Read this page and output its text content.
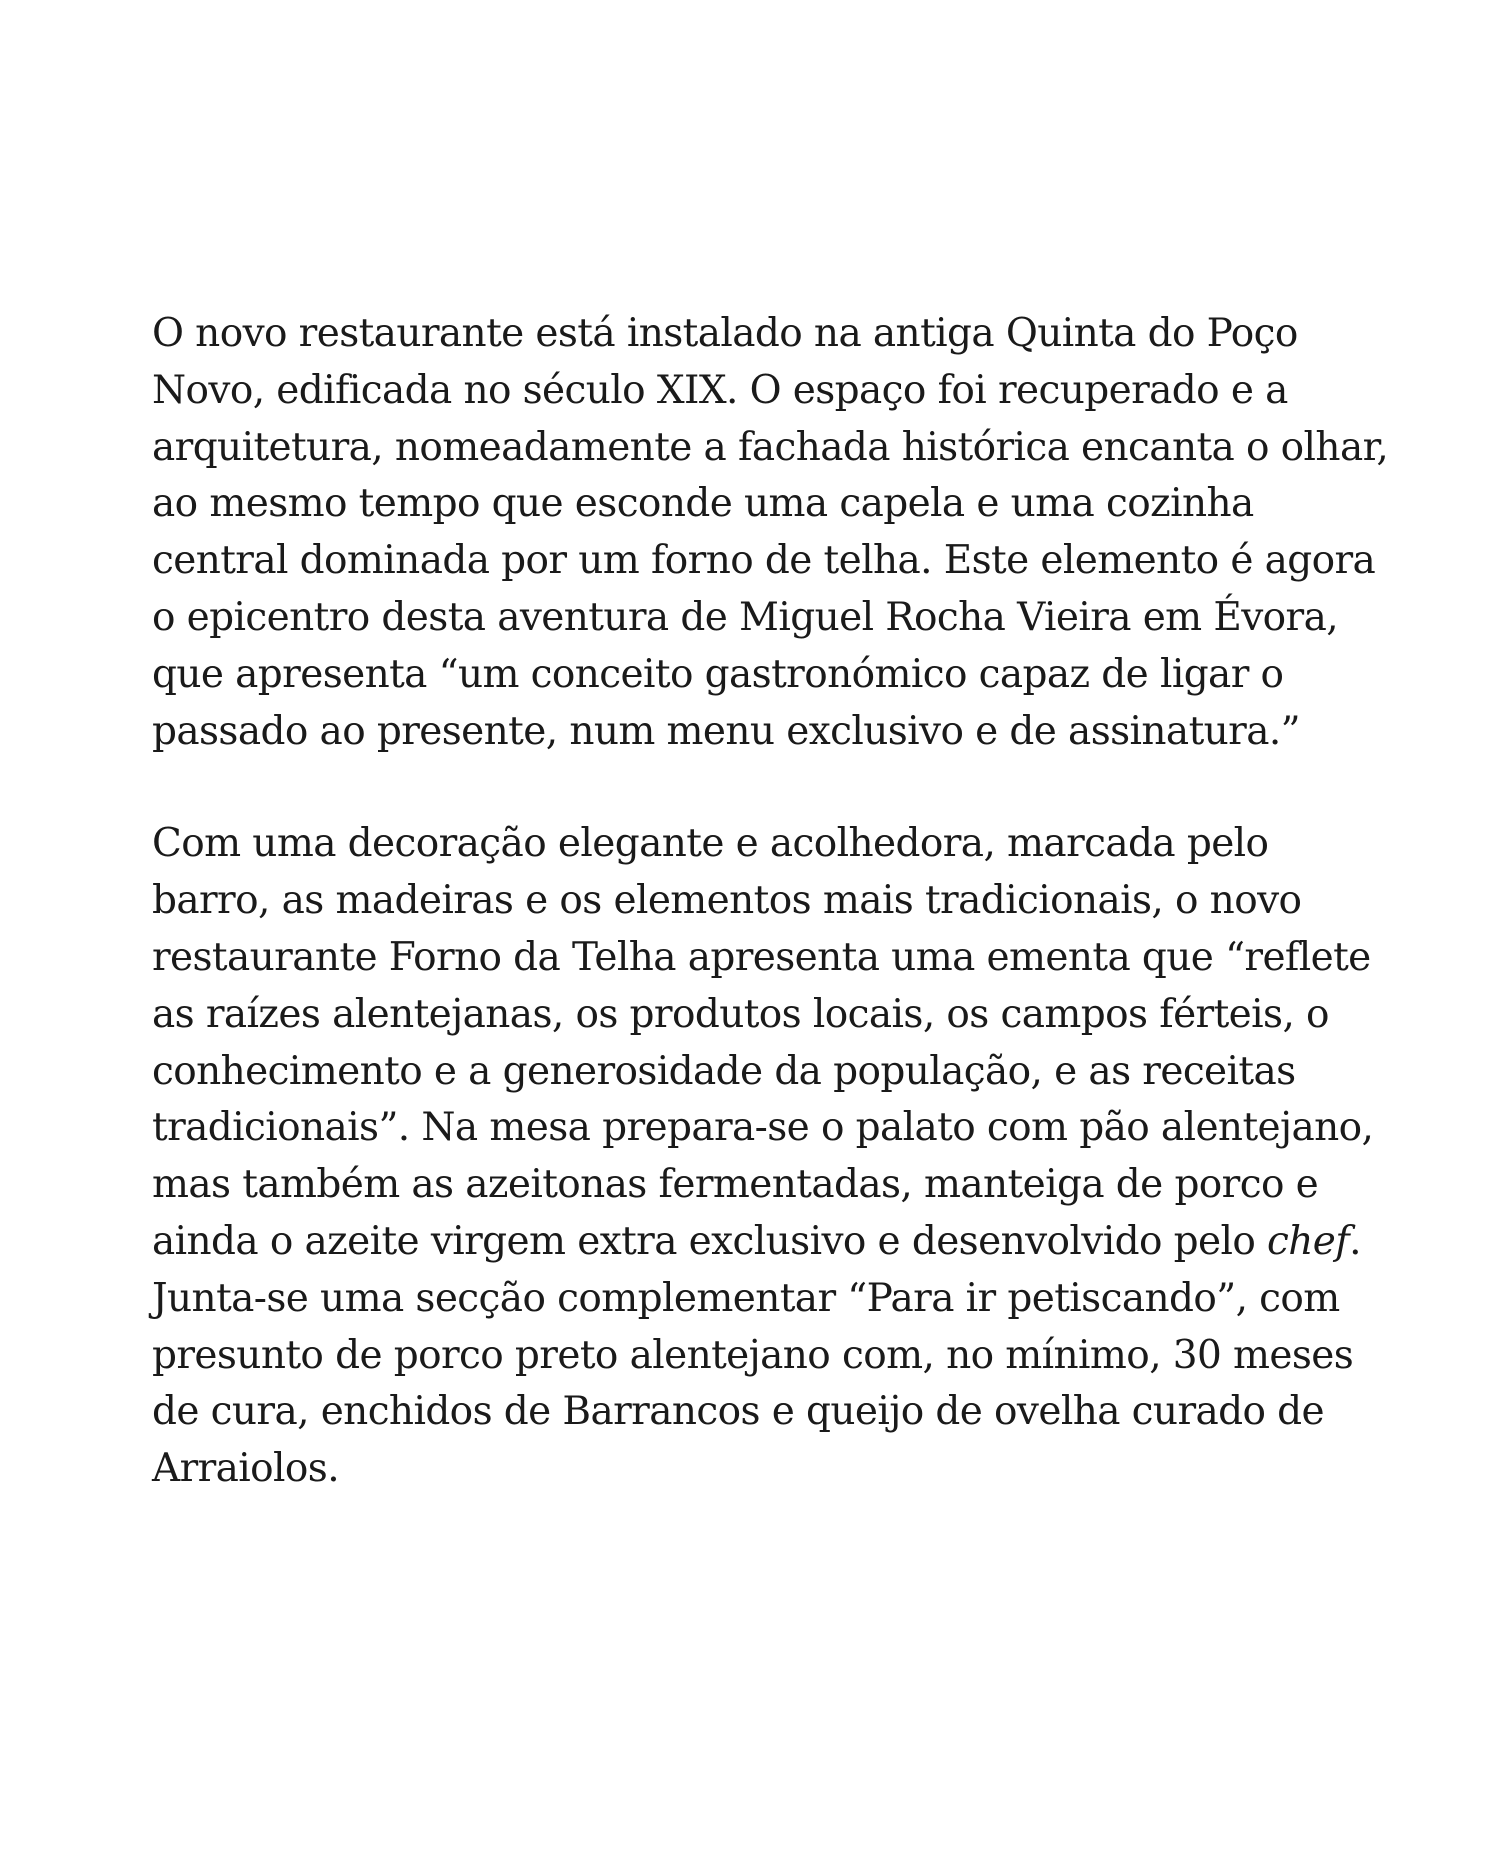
O novo restaurante está instalado na antiga Quinta do Poço Novo, edificada no século XIX. O espaço foi recuperado e a arquitetura, nomeadamente a fachada histórica encanta o olhar, ao mesmo tempo que esconde uma capela e uma cozinha central dominada por um forno de telha. Este elemento é agora o epicentro desta aventura de Miguel Rocha Vieira em Évora, que apresenta “um conceito gastronómico capaz de ligar o passado ao presente, num menu exclusivo e de assinatura.”

Com uma decoração elegante e acolhedora, marcada pelo barro, as madeiras e os elementos mais tradicionais, o novo restaurante Forno da Telha apresenta uma ementa que “reflete as raízes alentejanas, os produtos locais, os campos férteis, o conhecimento e a generosidade da população, e as receitas tradicionais”. Na mesa prepara-se o palato com pão alentejano, mas também as azeitonas fermentadas, manteiga de porco e ainda o azeite virgem extra exclusivo e desenvolvido pelo chef. Junta-se uma secção complementar “Para ir petiscando”, com presunto de porco preto alentejano com, no mínimo, 30 meses de cura, enchidos de Barrancos e queijo de ovelha curado de Arraiolos.
